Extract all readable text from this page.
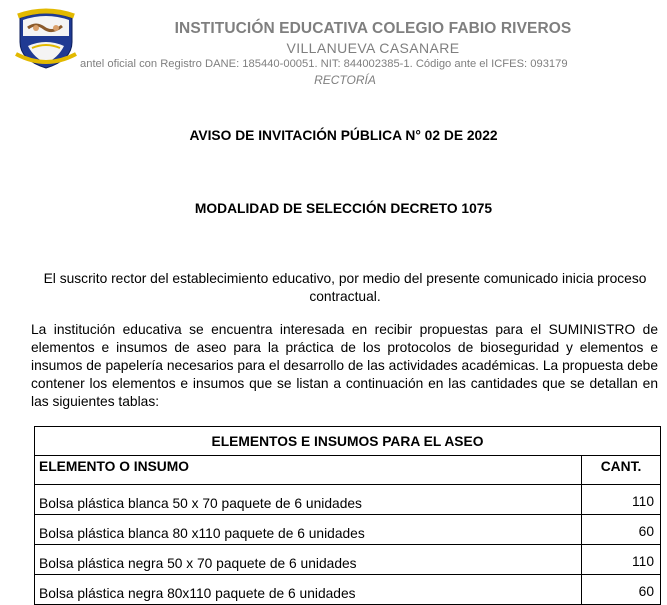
INSTITUCIÓN EDUCATIVA COLEGIO FABIO RIVEROS
VILLANUEVA CASANARE
antel oficial con Registro DANE: 185440-00051. NIT: 844002385-1. Código ante el ICFES: 093179
RECTORÍA
AVISO DE INVITACIÓN PÚBLICA N° 02 DE 2022
MODALIDAD DE SELECCIÓN DECRETO 1075
El suscrito rector del establecimiento educativo, por medio del presente comunicado inicia proceso contractual.
La institución educativa se encuentra interesada en recibir propuestas para el SUMINISTRO de elementos e insumos de aseo para la práctica de los protocolos de bioseguridad y elementos e insumos de papelería necesarios para el desarrollo de las actividades académicas. La propuesta debe contener los elementos e insumos que se listan a continuación en las cantidades que se detallan en las siguientes tablas:
ELEMENTOS E INSUMOS PARA EL ASEO	
ELEMENTO O INSUMO	CANT.
Bolsa plástica blanca 50 x 70 paquete de 6 unidades	110
Bolsa plástica blanca 80 x110 paquete de 6 unidades	60
Bolsa plástica negra 50 x 70 paquete de 6 unidades	110
Bolsa plástica negra 80x110 paquete de 6 unidades	60
